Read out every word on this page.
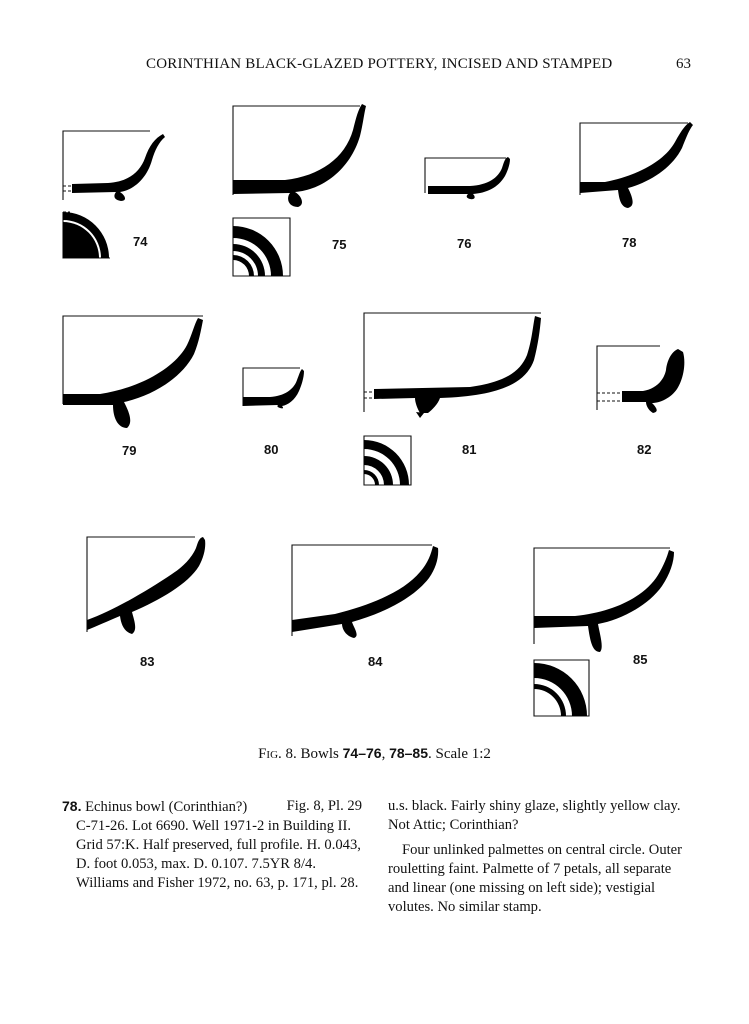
CORINTHIAN BLACK-GLAZED POTTERY, INCISED AND STAMPED	63
74	75	76	78
79	80	81	82
83	84	85
Fig. 8. Bowls 74–76, 78–85. Scale 1:2

78. Echinus bowl (Corinthian?)	Fig. 8, Pl. 29

C-71-26. Lot 6690. Well 1971-2 in Building II.

Grid 57:K. Half preserved, full profile. H. 0.043,

D. foot 0.053, max. D. 0.107. 7.5YR 8/4.

Williams and Fisher 1972, no. 63, p. 171, pl. 28.

u.s. black. Fairly shiny glaze, slightly yellow clay. Not Attic; Corinthian?

Four unlinked palmettes on central circle. Outer rouletting faint. Palmette of 7 petals, all separate and linear (one missing on left side); vestigial volutes. No similar stamp.
